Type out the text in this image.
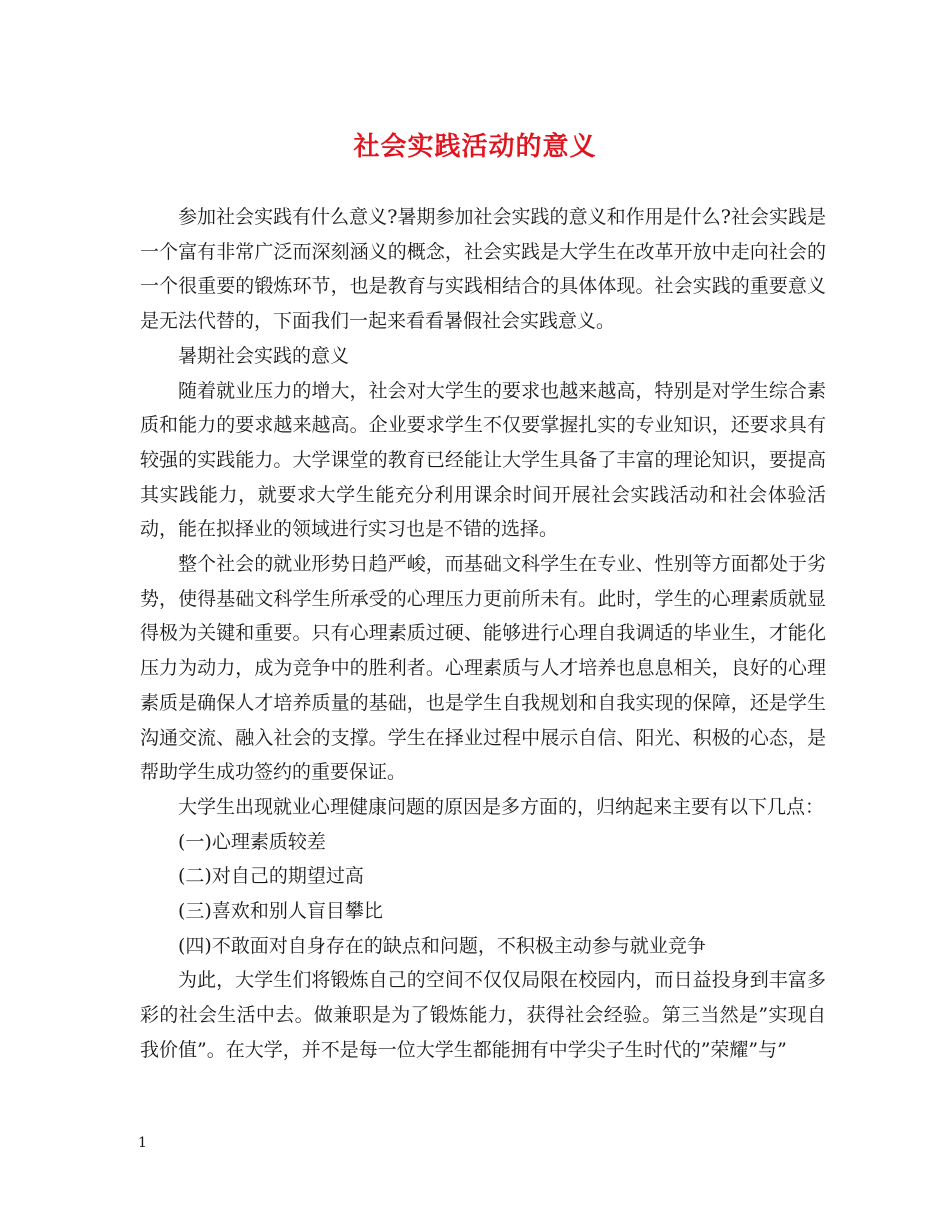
社会实践活动的意义

参加社会实践有什么意义?暑期参加社会实践的意义和作用是什么?社会实践是一个富有非常广泛而深刻涵义的概念，社会实践是大学生在改革开放中走向社会的一个很重要的锻炼环节，也是教育与实践相结合的具体体现。社会实践的重要意义是无法代替的，下面我们一起来看看暑假社会实践意义。

暑期社会实践的意义

随着就业压力的增大，社会对大学生的要求也越来越高，特别是对学生综合素质和能力的要求越来越高。企业要求学生不仅要掌握扎实的专业知识，还要求具有较强的实践能力。大学课堂的教育已经能让大学生具备了丰富的理论知识，要提高其实践能力，就要求大学生能充分利用课余时间开展社会实践活动和社会体验活动，能在拟择业的领域进行实习也是不错的选择。

整个社会的就业形势日趋严峻，而基础文科学生在专业、性别等方面都处于劣势，使得基础文科学生所承受的心理压力更前所未有。此时，学生的心理素质就显得极为关键和重要。只有心理素质过硬、能够进行心理自我调适的毕业生，才能化压力为动力，成为竞争中的胜利者。心理素质与人才培养也息息相关，良好的心理素质是确保人才培养质量的基础，也是学生自我规划和自我实现的保障，还是学生沟通交流、融入社会的支撑。学生在择业过程中展示自信、阳光、积极的心态，是帮助学生成功签约的重要保证。

大学生出现就业心理健康问题的原因是多方面的，归纳起来主要有以下几点：

(一)心理素质较差

(二)对自己的期望过高

(三)喜欢和别人盲目攀比

(四)不敢面对自身存在的缺点和问题，不积极主动参与就业竞争

为此，大学生们将锻炼自己的空间不仅仅局限在校园内，而日益投身到丰富多彩的社会生活中去。做兼职是为了锻炼能力，获得社会经验。第三当然是”实现自我价值”。在大学，并不是每一位大学生都能拥有中学尖子生时代的”荣耀”与”

1
